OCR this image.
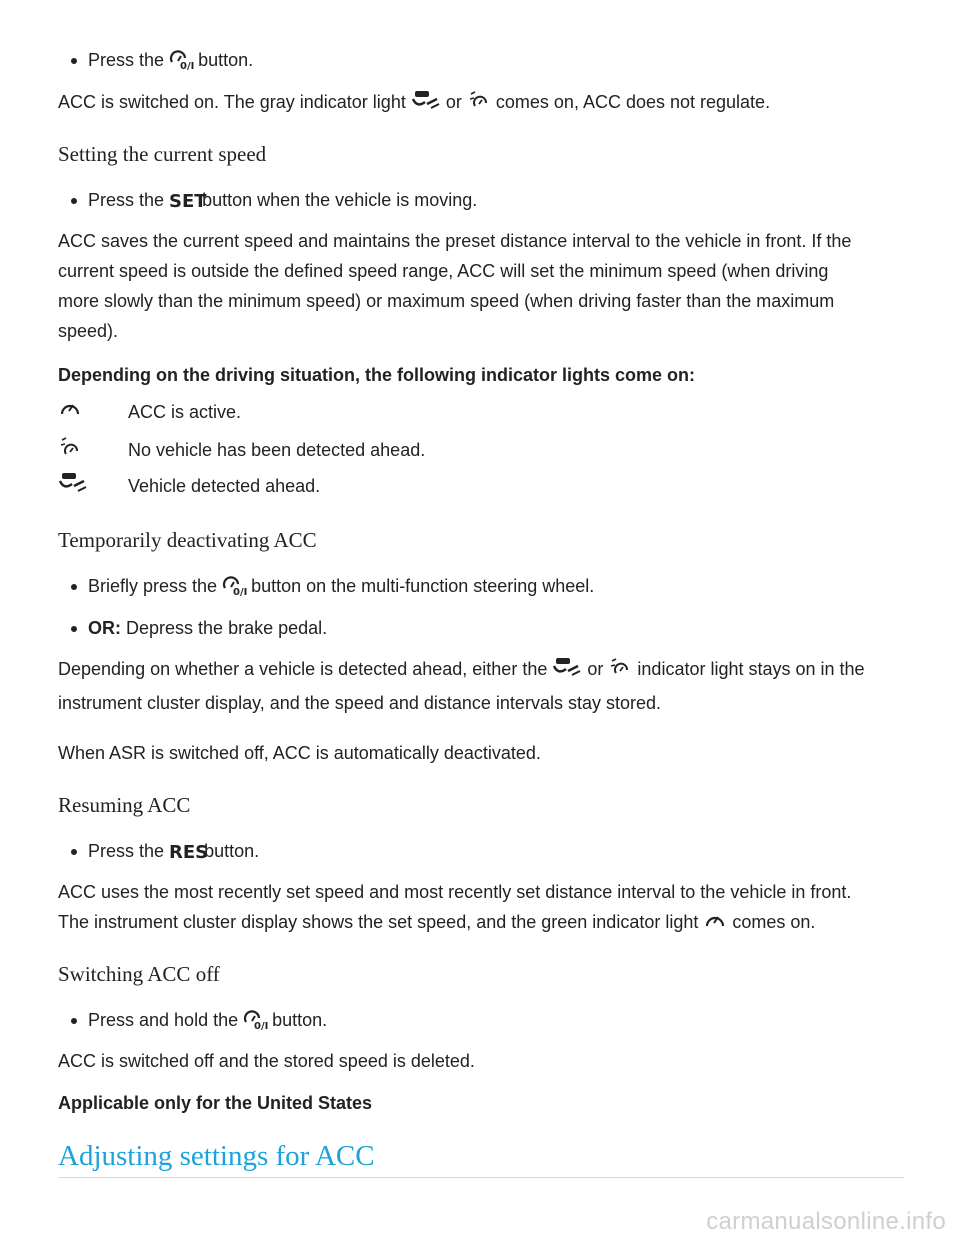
Press the 0/I button.
ACC is switched on. The gray indicator light or comes on, ACC does not regulate.
Setting the current speed
Press the SET
button when the vehicle is moving.
ACC saves the current speed and maintains the preset distance interval to the vehicle in front. If the
current speed is outside the defined speed range, ACC will set the minimum speed (when driving
more slowly than the minimum speed) or maximum speed (when driving faster than the maximum
speed).
Depending on the driving situation, the following indicator lights come on:
ACC is active.
No vehicle has been detected ahead.
Vehicle detected ahead.
Temporarily deactivating ACC
Briefly press the 0/I button on the multi-function steering wheel.
OR: Depress the brake pedal.
Depending on whether a vehicle is detected ahead, either the or indicator light stays on in the
instrument cluster display, and the speed and distance intervals stay stored.
When ASR is switched off, ACC is automatically deactivated.
Resuming ACC
Press the RES
button.
ACC uses the most recently set speed and most recently set distance interval to the vehicle in front.
The instrument cluster display shows the set speed, and the green indicator light comes on.
Switching ACC off
Press and hold the 0/I button.
ACC is switched off and the stored speed is deleted.
Applicable only for the United States
Adjusting settings for ACC
carmanualsonline.info
